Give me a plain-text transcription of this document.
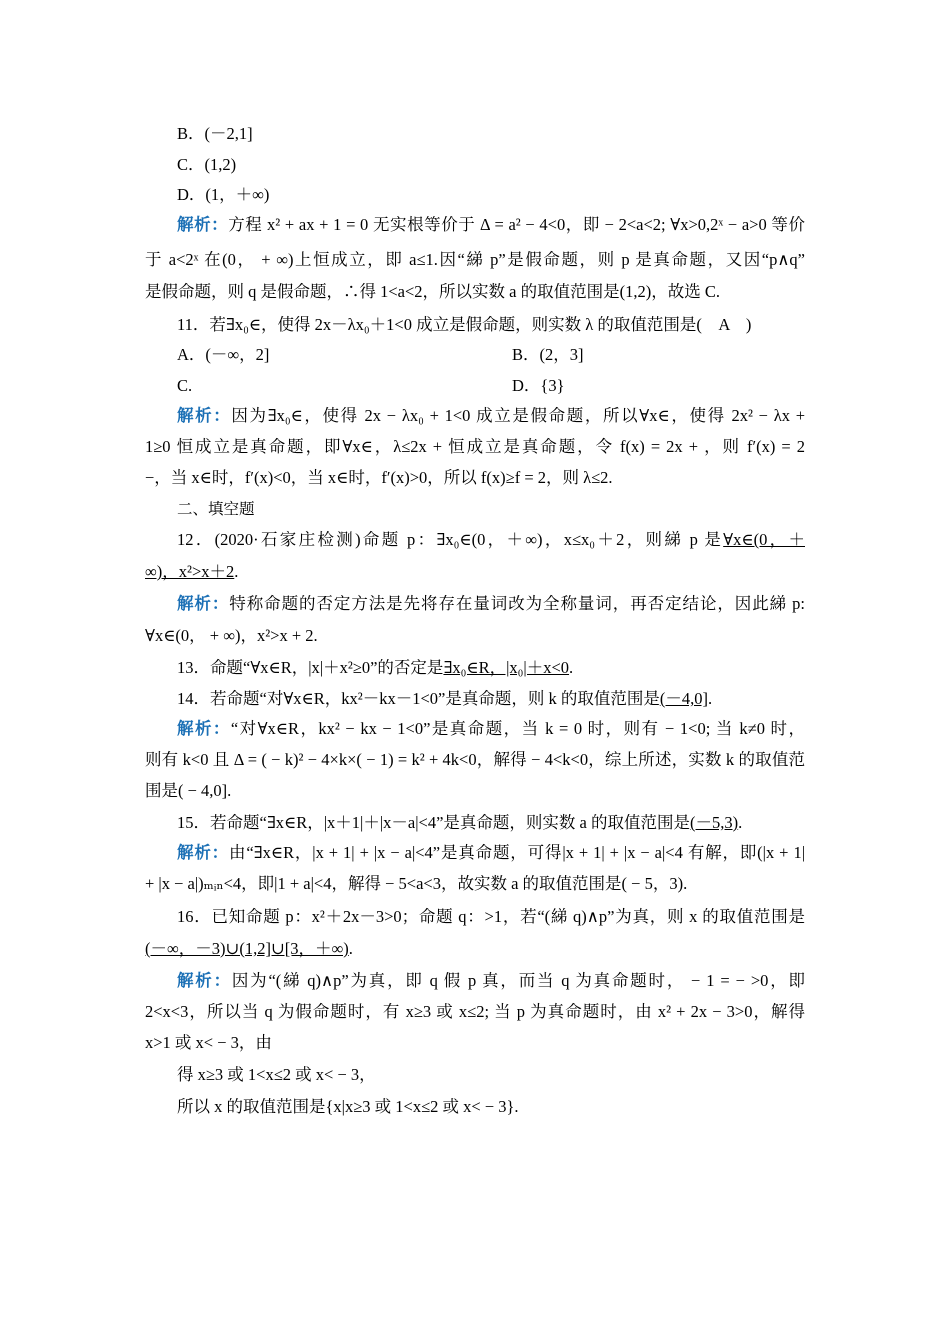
B．(－2,1]
C．(1,2)
D．(1，＋∞)
解析：方程 x² + ax + 1 = 0 无实根等价于 Δ = a² − 4<0，即 − 2<a<2; ∀x>0,2ˣ − a>0 等价
于 a<2ˣ 在(0， + ∞)上恒成立，即 a≤1.因“綈 p”是假命题，则 p 是真命题，又因“p∧q”
是假命题，则 q 是假命题，∴得 1<a<2，所以实数 a 的取值范围是(1,2)，故选 C.
11．若∃x₀∈，使得 2x－λx₀＋1<0 成立是假命题，则实数 λ 的取值范围是(　A　)
A．(－∞，2]	B．(2，3]
C.	D．{3}
解析：因为∃x₀∈，使得 2x − λx₀ + 1<0 成立是假命题，所以∀x∈，使得 2x² − λx +
1≥0 恒成立是真命题，即∀x∈，λ≤2x + 恒成立是真命题，令 f(x) = 2x + ，则 f′(x) = 2
−，当 x∈时，f′(x)<0，当 x∈时，f′(x)>0，所以 f(x)≥f = 2，则 λ≤2.
二、填空题
12．(2020·石家庄检测)命题 p：∃x₀∈(0，＋∞)，x≤x₀＋2，则綈 p 是∀x∈(0，＋
∞)，x²>x＋2.
解析：特称命题的否定方法是先将存在量词改为全称量词，再否定结论，因此綈 p:
∀x∈(0， + ∞)，x²>x + 2.
13．命题“∀x∈R，|x|＋x²≥0”的否定是∃x₀∈R，|x₀|＋x<0.
14．若命题“对∀x∈R，kx²－kx－1<0”是真命题，则 k 的取值范围是(－4,0].
解析：“对∀x∈R，kx² − kx − 1<0”是真命题，当 k = 0 时，则有 − 1<0; 当 k≠0 时，
则有 k<0 且 Δ = ( − k)² − 4×k×( − 1) = k² + 4k<0，解得 − 4<k<0，综上所述，实数 k 的取值范
围是( − 4,0].
15．若命题“∃x∈R，|x＋1|＋|x－a|<4”是真命题，则实数 a 的取值范围是(－5,3).
解析：由“∃x∈R，|x + 1| + |x − a|<4”是真命题，可得|x + 1| + |x − a|<4 有解，即(|x + 1|
+ |x − a|)ₘᵢₙ<4，即|1 + a|<4，解得 − 5<a<3，故实数 a 的取值范围是( − 5，3).
16．已知命题 p：x²＋2x－3>0；命题 q：>1，若“(綈 q)∧p”为真，则 x 的取值范围是
(－∞，－3)∪(1,2]∪[3，＋∞).
解析：因为“(綈 q)∧p”为真，即 q 假 p 真，而当 q 为真命题时， − 1 = − >0，即
2<x<3，所以当 q 为假命题时，有 x≥3 或 x≤2; 当 p 为真命题时，由 x² + 2x − 3>0，解得
x>1 或 x< − 3，由
得 x≥3 或 1<x≤2 或 x< − 3，
所以 x 的取值范围是{x|x≥3 或 1<x≤2 或 x< − 3}.
